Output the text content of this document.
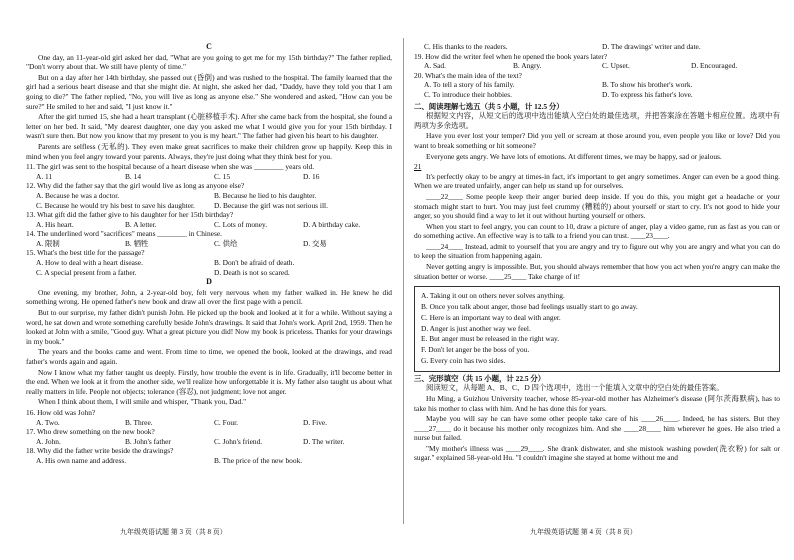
C

One day, an 11-year-old girl asked her dad, "What are you going to get me for my 15th birthday?" The father replied, "Don't worry about that. We still have plenty of time."

But on a day after her 14th birthday, she passed out (昏倒) and was rushed to the hospital. The family learned that the girl had a serious heart disease and that she might die. At night, she asked her dad, "Daddy, have they told you that I am going to die?" The father replied, "No, you will live as long as anyone else." She wondered and asked, "How can you be sure?" He smiled to her and said, "I just know it."

After the girl turned 15, she had a heart transplant (心脏移植手术). After she came back from the hospital, she found a letter on her bed. It said, "My dearest daughter, one day you asked me what I would give you for your 15th birthday. I wasn't sure then. But now you know that my present to you is my heart." The father had given his heart to his daughter.

Parents are selfless (无私的). They even make great sacrifices to make their children grow up happily. Keep this in mind when you feel angry toward your parents. Always, they're just doing what they think best for you.

11. The girl was sent to the hospital because of a heart disease when she was ________ years old.
A. 11	B. 14	C. 15	D. 16
12. Why did the father say that the girl would live as long as anyone else?
A. Because he was a doctor.	B. Because he lied to his daughter.
C. Because he would try his best to save his daughter.	D. Because the girl was not serious ill.
13. What gift did the father give to his daughter for her 15th birthday?
A. His heart.	B. A letter.	C. Lots of money.	D. A birthday cake.
14. The underlined word "sacrifices" means ________ in Chinese.
A. 限制	B. 牺牲	C. 供给	D. 交易
15. What's the best title for the passage?
A. How to deal with a heart disease.	B. Don't be afraid of death.
C. A special present from a father.	D. Death is not so scared.
D

One evening, my brother, John, a 2-year-old boy, felt very nervous when my father walked in. He knew he did something wrong. He opened father's new book and draw all over the first page with a pencil.

But to our surprise, my father didn't punish John. He picked up the book and looked at it for a while. Without saying a word, he sat down and wrote something carefully beside John's drawings. It said that John's work. April 2nd, 1959. Then he looked at John with a smile, "Good guy. What a great picture you did! Now my book is priceless. Thanks for your drawings in my book."

The years and the books came and went. From time to time, we opened the book, looked at the drawings, and read father's words again and again.

Now I know what my father taught us deeply. Firstly, how trouble the event is in life. Gradually, it'll become better in the end. When we look at it from the another side, we'll realize how unforgettable it is. My father also taught us about what really matters in life. People not objects; tolerance (容忍), not judgment; love not anger.

When I think about them, I will smile and whisper, "Thank you, Dad."

16. How old was John?
A. Two.	B. Three.	C. Four.	D. Five.
17. Who drew something on the new book?
A. John.	B. John's father	C. John's friend.	D. The writer.
18. Why did the father write beside the drawings?
A. His own name and address.	B. The price of the new book.
C. His thanks to the readers.	D. The drawings' writer and date.
19. How did the writer feel when he opened the book years later?
A. Sad.	B. Angry.	C. Upset.	D. Encouraged.
20. What's the main idea of the text?
A. To tell a story of his family.	B. To show his brother's work.
C. To introduce their hobbies.	D. To express his father's love.
二、阅读理解七选五（共 5 小题，计 12.5 分）

根据短文内容，从短文后的选项中选出能填入空白处的最佳选项，并把答案涂在答题卡相应位置。选项中有两项为多余选项。

Have you ever lost your temper? Did you yell or scream at those around you, even people you like or love? Did you want to break something or hit someone?

Everyone gets angry. We have lots of emotions. At different times, we may be happy, sad or jealous.

21

It's perfectly okay to be angry at times-in fact, it's important to get angry sometimes. Anger can even be a good thing. When we are treated unfairly, anger can help us stand up for ourselves.

____22____ Some people keep their anger buried deep inside. If you do this, you might get a headache or your stomach might start to hurt. You may just feel crummy (糟糕的) about yourself or start to cry. It's not good to hide your anger, so you should find a way to let it out without hurting yourself or others.

When you start to feel angry, you can count to 10, draw a picture of anger, play a video game, run as fast as you can or do something active. An effective way is to talk to a friend you can trust. ____23____.

____24____ Instead, admit to yourself that you are angry and try to figure out why you are angry and what you can do to keep the situation from happening again.

Never getting angry is impossible. But, you should always remember that how you act when you're angry can make the situation better or worse. ____25____ Take charge of it!

A. Taking it out on others never solves anything.
B. Once you talk about anger, those bad feelings usually start to go away.
C. Here is an important way to deal with anger.
D. Anger is just another way we feel.
E. But anger must be released in the right way.
F. Don't let anger be the boss of you.
G. Every coin has two sides.
三、完形填空（共 15 小题，计 22.5 分）

阅读短文，从每题 A、B、C、D 四个选项中，选出一个能填入文章中的空白处的最佳答案。

Hu Ming, a Guizhou University teacher, whose 85-year-old mother has Alzheimer's disease (阿尔茨海默病), has to take his mother to class with him. And he has done this for years.

Maybe you will say he can have some other people take care of his ____26____. Indeed, he has sisters. But they ____27____ do it because his mother only recognizes him. And she ____28____ him wherever he goes. He also tried a nurse but failed.

"My mother's illness was ____29____. She drank dishwater, and she mistook washing powder(洗衣粉) for salt or sugar." explained 58-year-old Hu. "I couldn't imagine she stayed at home without me and

九年级英语试题 第 3 页（共 8 页）	九年级英语试题 第 4 页（共 8 页）
